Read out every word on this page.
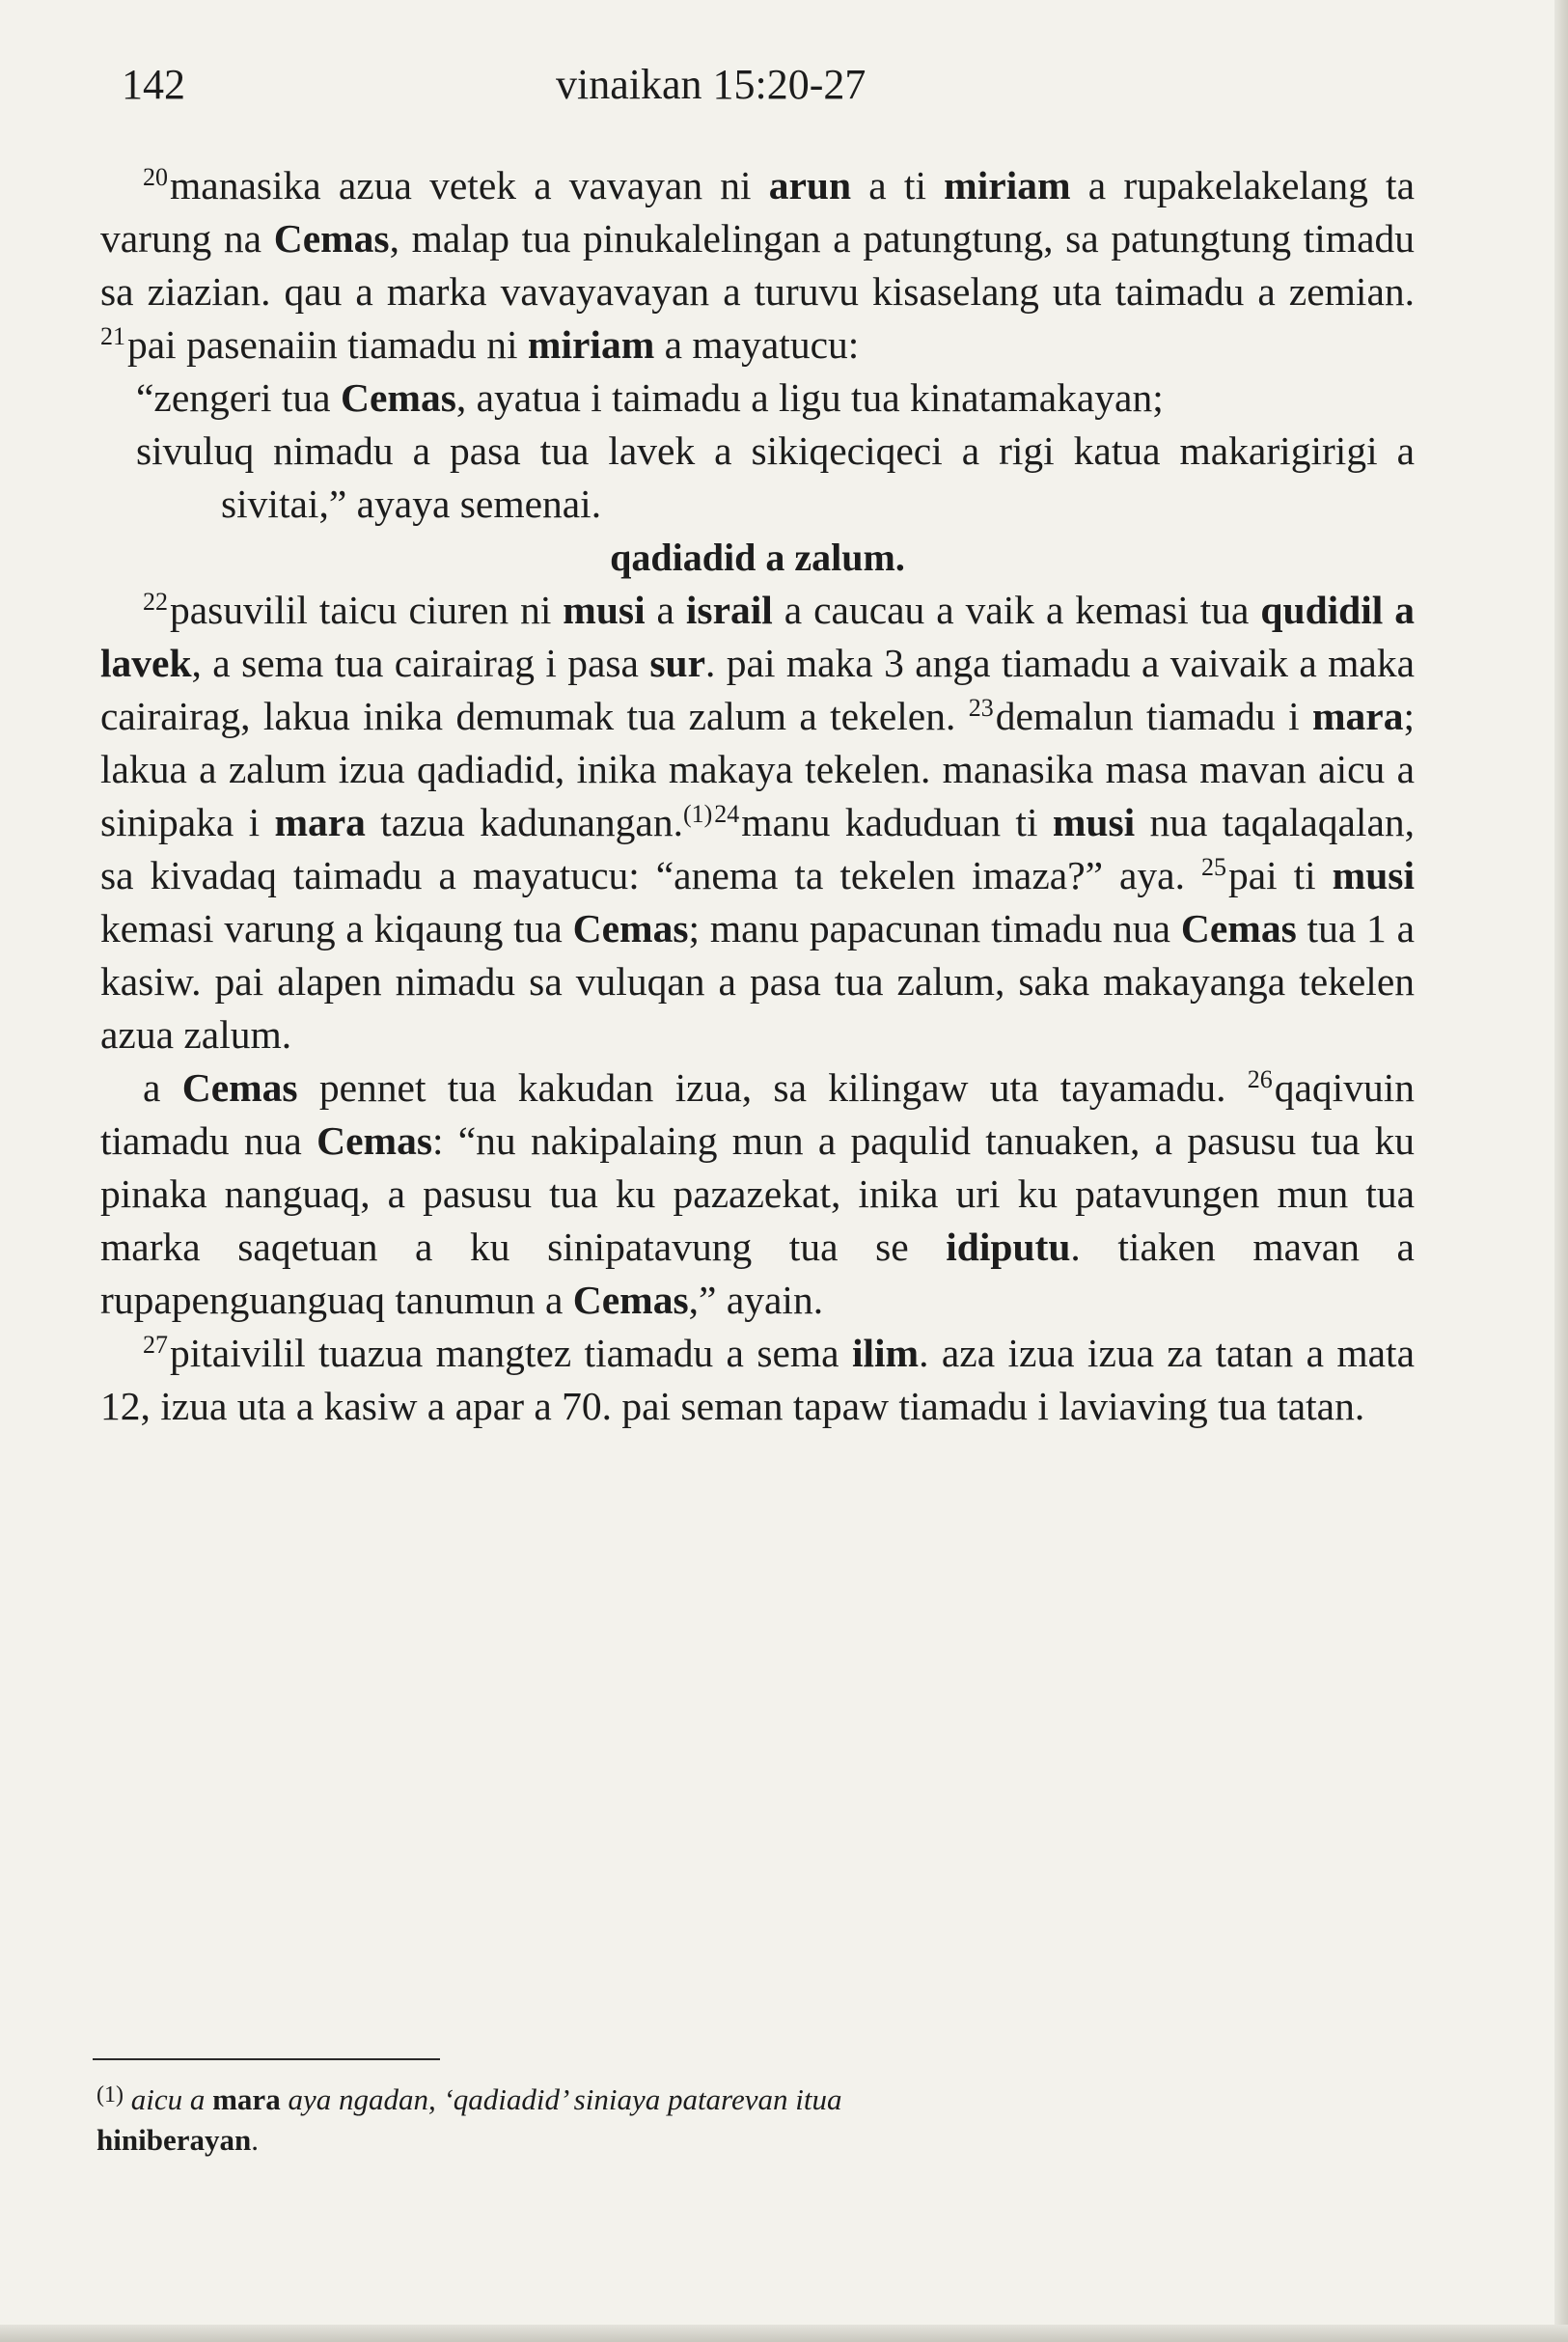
142	vinaikan 15:20-27

$^{20}$manasika azua vetek a vavayan ni arun a ti miriam a rupakelakelang ta varung na Cemas, malap tua pinukalelingan a patungtung, sa patungtung timadu sa ziazian. qau a marka vavayavayan a turuvu kisaselang uta taimadu a zemian. $^{21}$pai pasenaiin tiamadu ni miriam a mayatucu:

“zengeri tua Cemas, ayatua i taimadu a ligu tua kinatamakayan;

sivuluq nimadu a pasa tua lavek a sikiqeciqeci a rigi katua makarigirigi a sivitai,” ayaya semenai.

qadiadid a zalum.

$^{22}$pasuvilil taicu ciuren ni musi a israil a caucau a vaik a kemasi tua qudidil a lavek, a sema tua cairairag i pasa sur. pai maka 3 anga tiamadu a vaivaik a maka cairairag, lakua inika demumak tua zalum a tekelen. $^{23}$demalun tiamadu i mara; lakua a zalum izua qadiadid, inika makaya tekelen. manasika masa mavan aicu a sinipaka i mara tazua kadunangan.$^{(1)24}$manu kaduduan ti musi nua taqalaqalan, sa kivadaq taimadu a mayatucu: “anema ta tekelen imaza?” aya. $^{25}$pai ti musi kemasi varung a kiqaung tua Cemas; manu papacunan timadu nua Cemas tua 1 a kasiw. pai alapen nimadu sa vuluqan a pasa tua zalum, saka makayanga tekelen azua zalum.

a Cemas pennet tua kakudan izua, sa kilingaw uta tayamadu. $^{26}$qaqivuin tiamadu nua Cemas: “nu nakipalaing mun a paqulid tanuaken, a pasusu tua ku pinaka nanguaq, a pasusu tua ku pazazekat, inika uri ku patavungen mun tua marka saqetuan a ku sinipatavung tua se idiputu. tiaken mavan a rupapenguanguaq tanumun a Cemas,” ayain.

$^{27}$pitaivilil tuazua mangtez tiamadu a sema ilim. aza izua izua za tatan a mata 12, izua uta a kasiw a apar a 70. pai seman tapaw tiamadu i laviaving tua tatan.

$^{(1)}$ aicu a mara aya ngadan, ‘qadiadid’ siniaya patarevan itua
hiniberayan.
